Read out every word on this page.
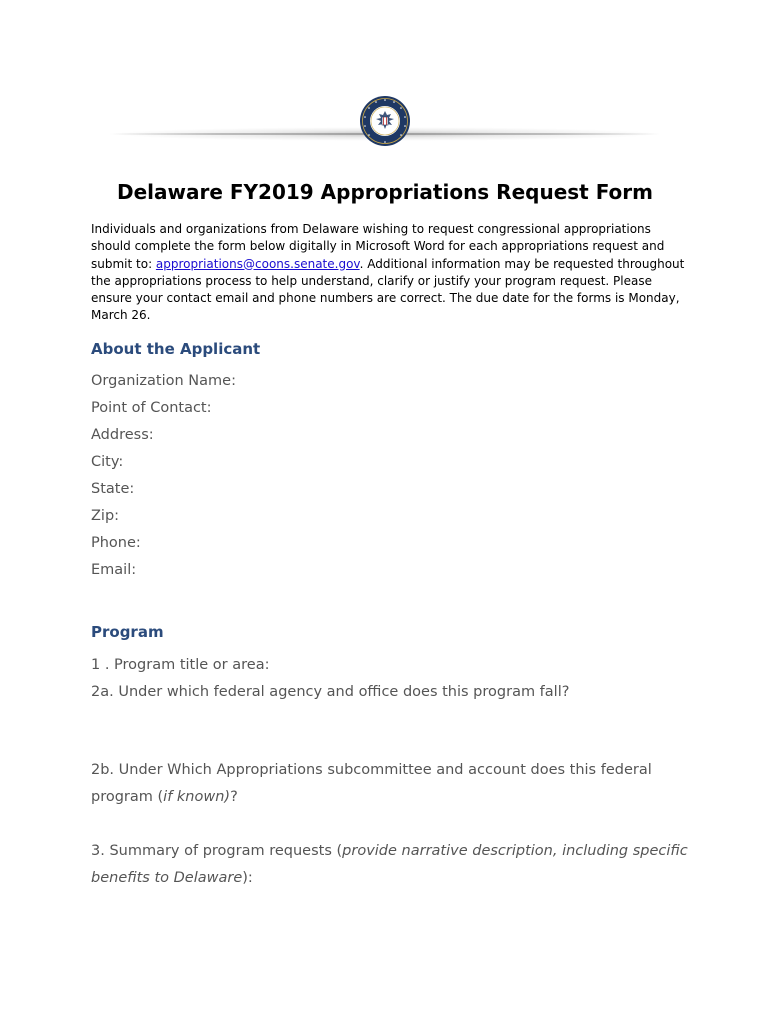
Delaware FY2019 Appropriations Request Form
Individuals and organizations from Delaware wishing to request congressional appropriations should complete the form below digitally in Microsoft Word for each appropriations request and submit to: appropriations@coons.senate.gov. Additional information may be requested throughout the appropriations process to help understand, clarify or justify your program request. Please ensure your contact email and phone numbers are correct. The due date for the forms is Monday, March 26.
About the Applicant
Organization Name:
Point of Contact:
Address:
City:
State:
Zip:
Phone:
Email:
Program
1 . Program title or area:
2a. Under which federal agency and office does this program fall?
2b. Under Which Appropriations subcommittee and account does this federal program (if known)?
3. Summary of program requests (provide narrative description, including specific benefits to Delaware):
